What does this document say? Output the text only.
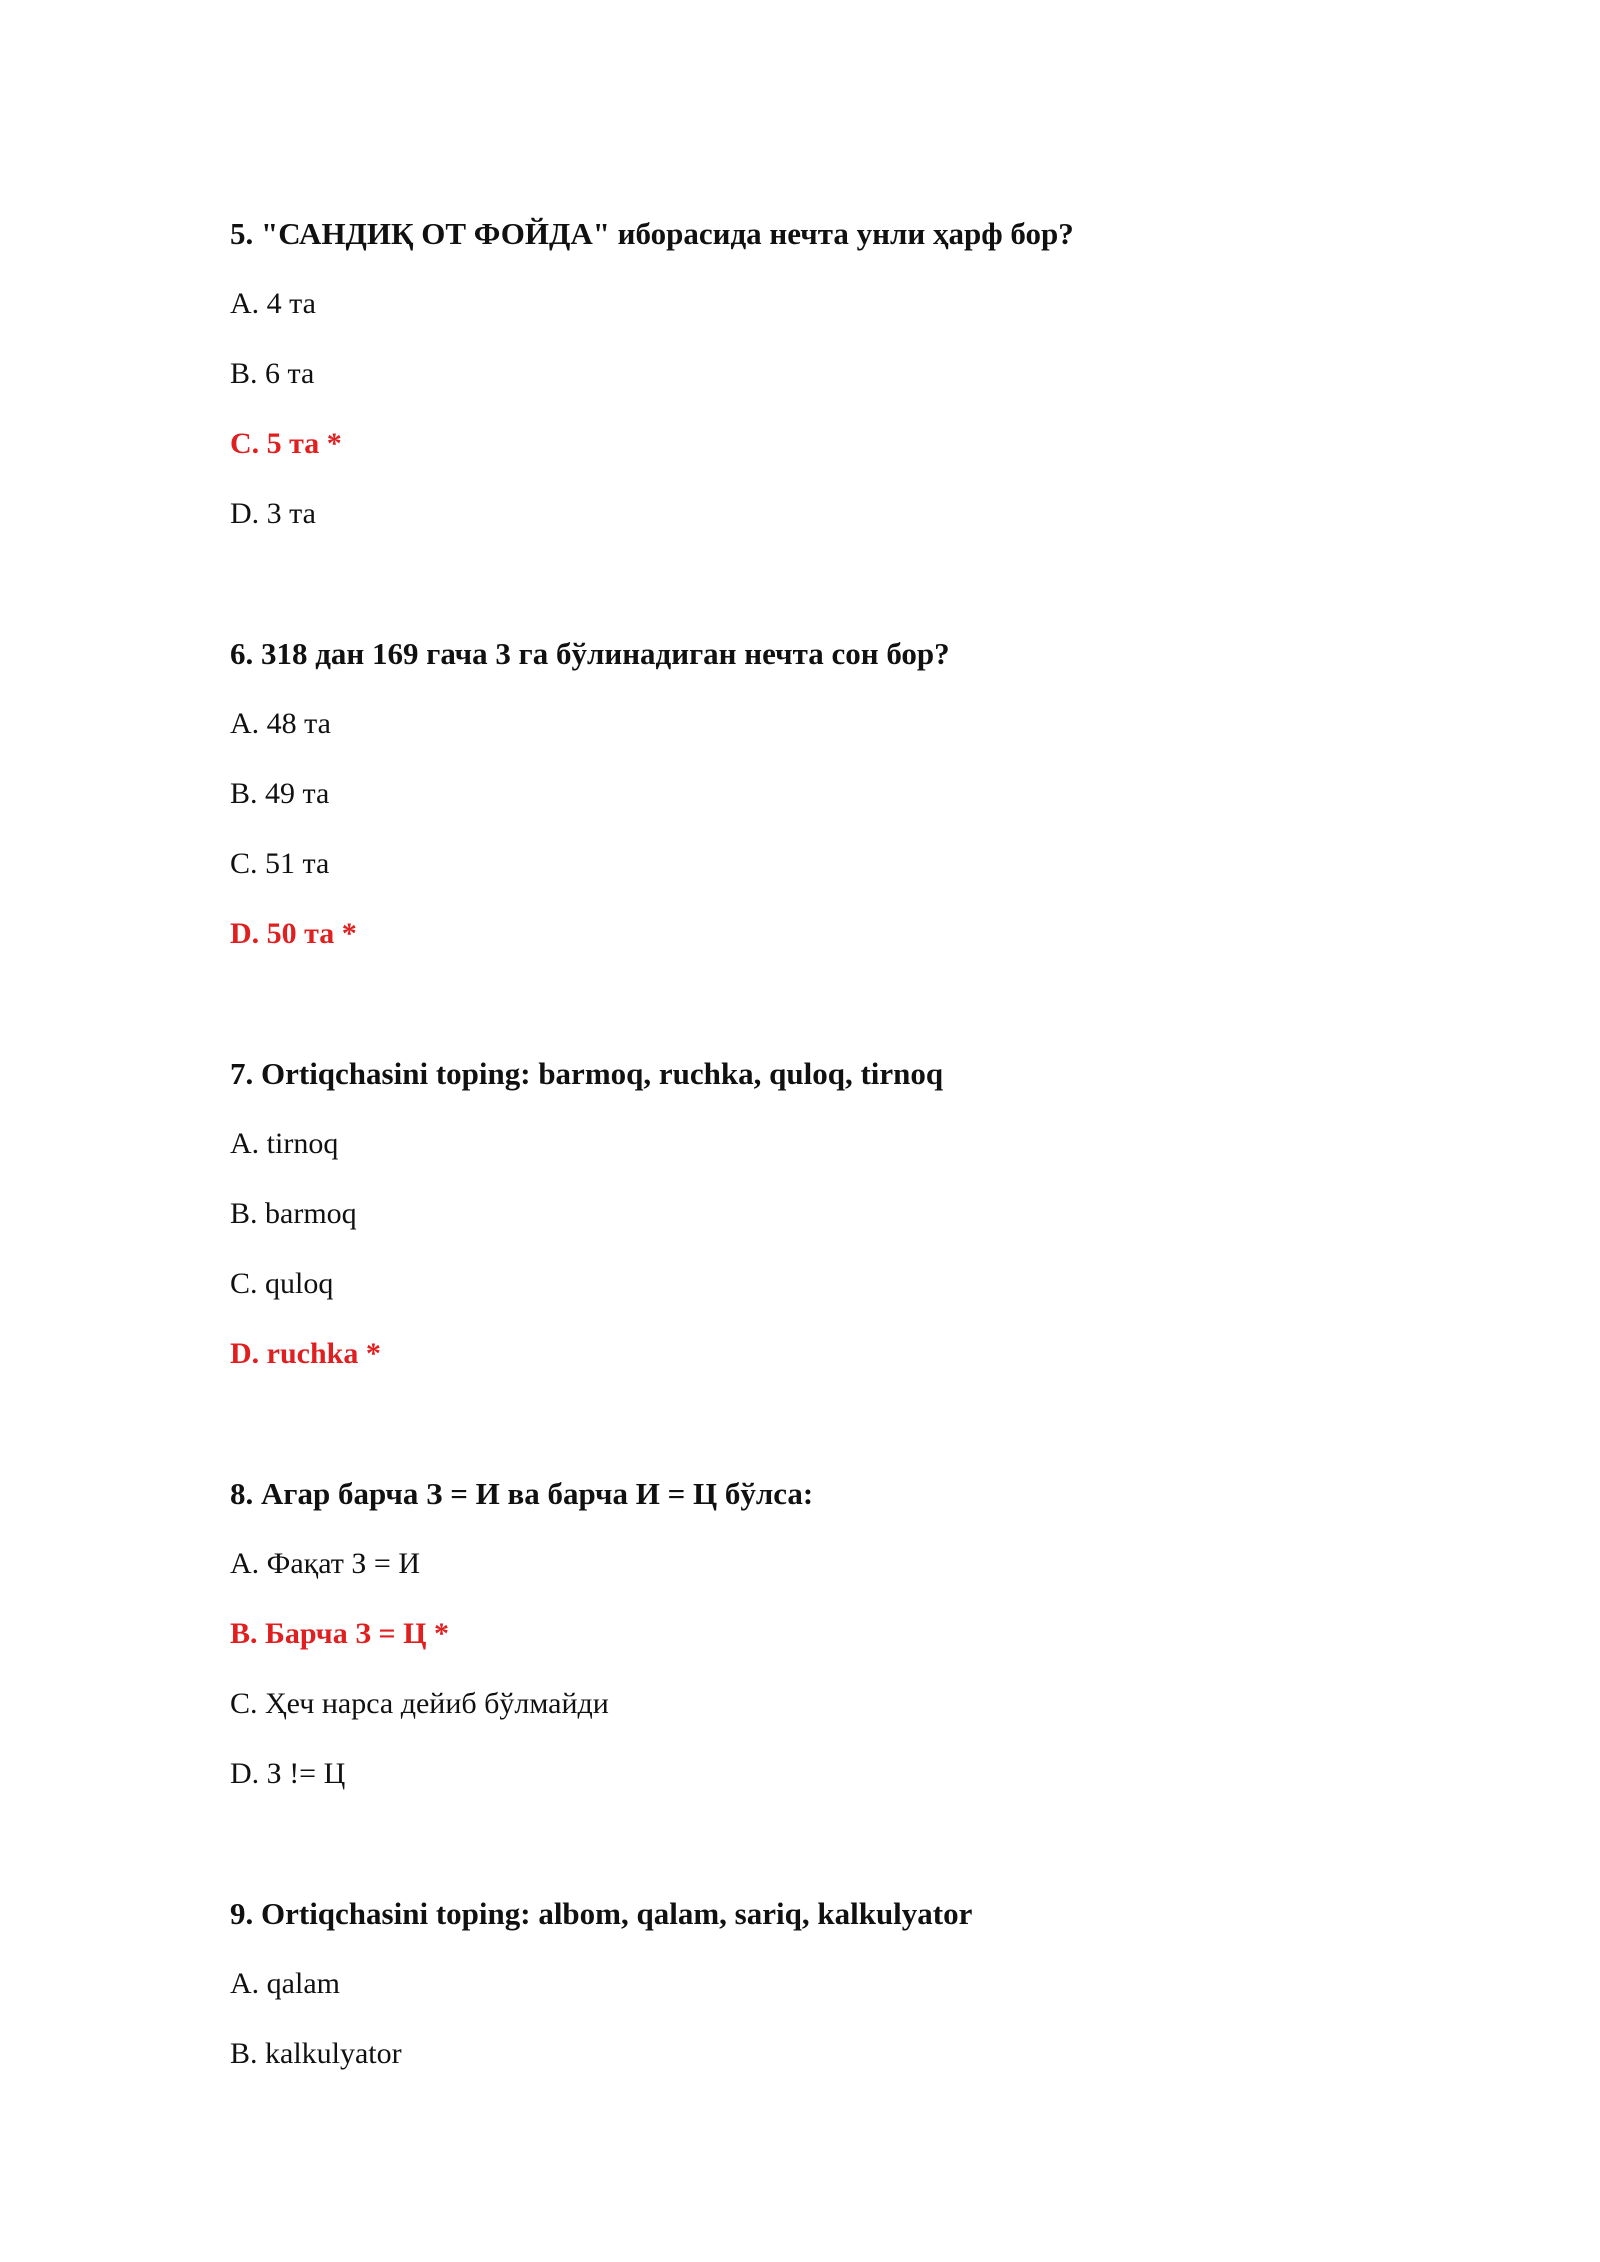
5. "САНДИҚ ОТ ФОЙДА" иборасида нечта унли ҳарф бор?

A. 4 та

B. 6 та

C. 5 та *

D. 3 та

6. 318 дан 169 гача 3 га бўлинадиган нечта сон бор?

A. 48 та

B. 49 та

C. 51 та

D. 50 та *

7. Ortiqchasini toping: barmoq, ruchka, quloq, tirnoq

A. tirnoq

B. barmoq

C. quloq

D. ruchka *

8. Агар барча З = И ва барча И = Ц бўлса:

A. Фақат З = И

B. Барча З = Ц *

C. Ҳеч нарса дейиб бўлмайди

D. З != Ц

9. Ortiqchasini toping: albom, qalam, sariq, kalkulyator

A. qalam

B. kalkulyator
